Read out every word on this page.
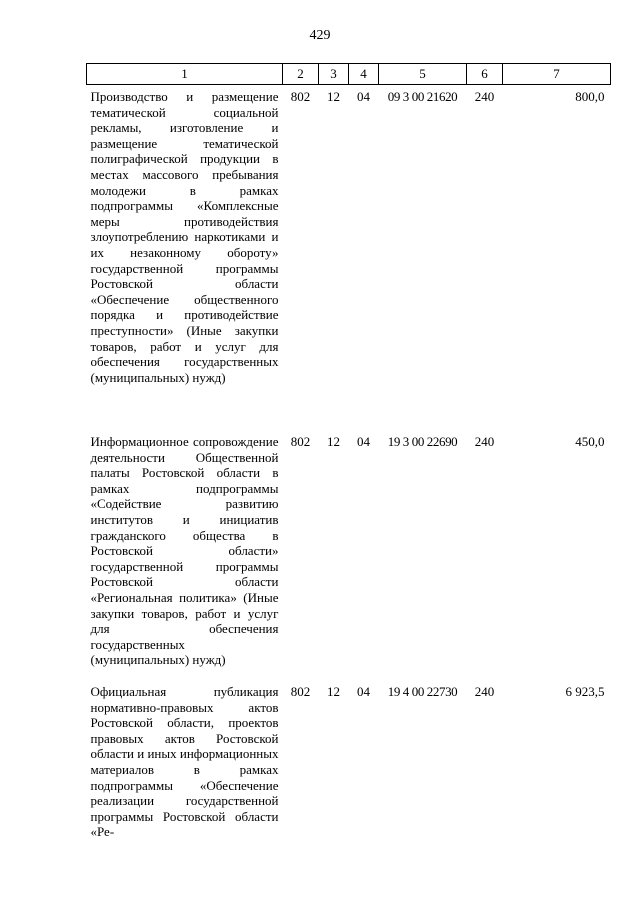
429
1	2	3	4	5	6	7
Производство и размещение тематической социальной рекламы, изготовление и размещение тематической полиграфической продукции в местах массового пребывания молодежи в рамках подпрограммы «Комплексные меры противодействия злоупотреблению наркотиками и их незаконному обороту» государственной программы Ростовской области «Обеспечение общественного порядка и противодействие преступности» (Иные закупки товаров, работ и услуг для обеспечения государственных (муниципальных) нужд)	802	12	04	09 3 00 21620	240	800,0
Информационное сопровождение деятельности Общественной палаты Ростовской области в рамках подпрограммы «Содействие развитию институтов и инициатив гражданского общества в Ростовской области» государственной программы Ростовской области «Региональная политика» (Иные закупки товаров, работ и услуг для обеспечения государственных (муниципальных) нужд)	802	12	04	19 3 00 22690	240	450,0
Официальная публикация нормативно-правовых актов Ростовской области, проектов правовых актов Ростовской области и иных информационных материалов в рамках подпрограммы «Обеспечение реализации государственной программы Ростовской области «Ре-	802	12	04	19 4 00 22730	240	6 923,5
